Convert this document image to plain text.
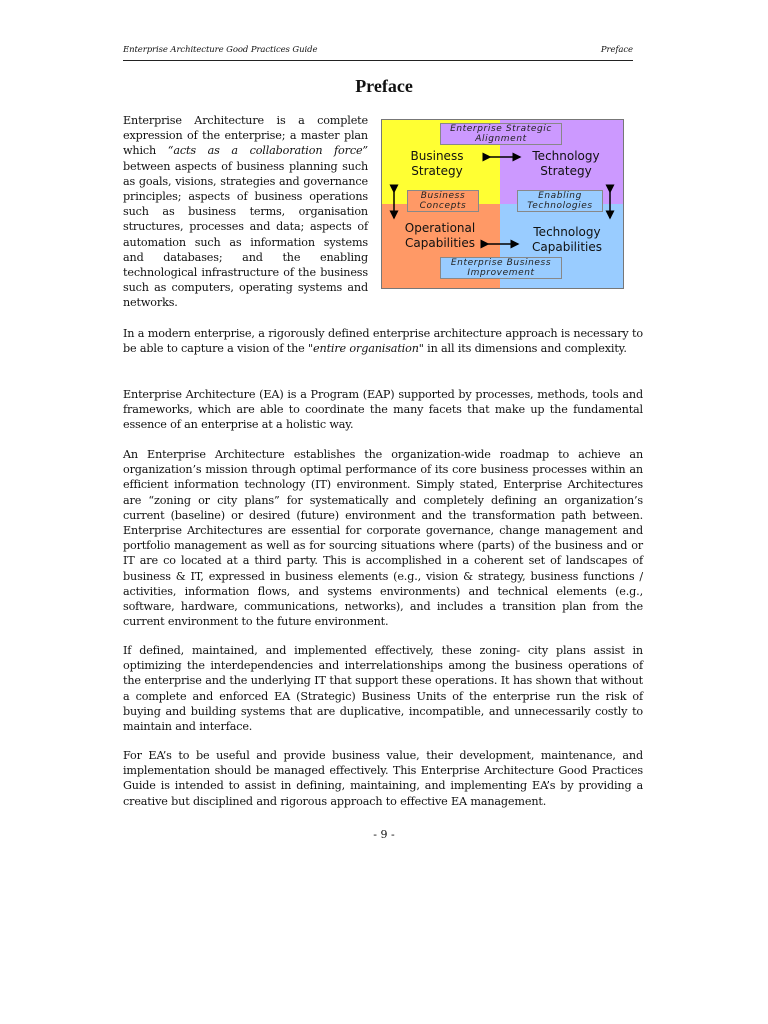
Enterprise Architecture Good Practices Guide	Preface
Preface
Enterprise Architecture is a complete expression of the enterprise; a master plan which “acts as a collaboration force” between aspects of business planning such as goals, visions, strategies and governance principles; aspects of business operations such as business terms, organisation structures, processes and data; aspects of automation such as information systems and databases; and the enabling technological infrastructure of the business such as computers, operating systems and networks.
Business Strategy
Technology Strategy
Operational Capabilities
Technology Capabilities
Enterprise Strategic Alignment
Business Concepts
Enabling Technologies
Enterprise Business Improvement
In a modern enterprise, a rigorously defined enterprise architecture approach is necessary to be able to capture a vision of the "entire organisation" in all its dimensions and complexity.
Enterprise Architecture (EA) is a Program (EAP) supported by processes, methods, tools and frameworks, which are able to coordinate the many facets that make up the fundamental essence of an enterprise at a holistic way.
An Enterprise Architecture establishes the organization-wide roadmap to achieve an organization’s mission through optimal performance of its core business processes within an efficient information technology (IT) environment. Simply stated, Enterprise Architectures are “zoning or city plans” for systematically and completely defining an organization’s current (baseline) or desired (future) environment and the transformation path between. Enterprise Architectures are essential for corporate governance, change management and portfolio management as well as for sourcing situations where (parts) of the business and or IT are co located at a third party. This is accomplished in a coherent set of landscapes of business & IT, expressed in business elements (e.g., vision & strategy, business functions / activities, information flows, and systems environments) and technical elements (e.g., software, hardware, communications, networks), and includes a transition plan from the current environment to the future environment.
If defined, maintained, and implemented effectively, these zoning- city plans assist in optimizing the interdependencies and interrelationships among the business operations of the enterprise and the underlying IT that support these operations. It has shown that without a complete and enforced EA (Strategic) Business Units of the enterprise run the risk of buying and building systems that are duplicative, incompatible, and unnecessarily costly to maintain and interface.
For EA’s to be useful and provide business value, their development, maintenance, and implementation should be managed effectively. This Enterprise Architecture Good Practices Guide is intended to assist in defining, maintaining, and implementing EA’s by providing a creative but disciplined and rigorous approach to effective EA management.
- 9 -
